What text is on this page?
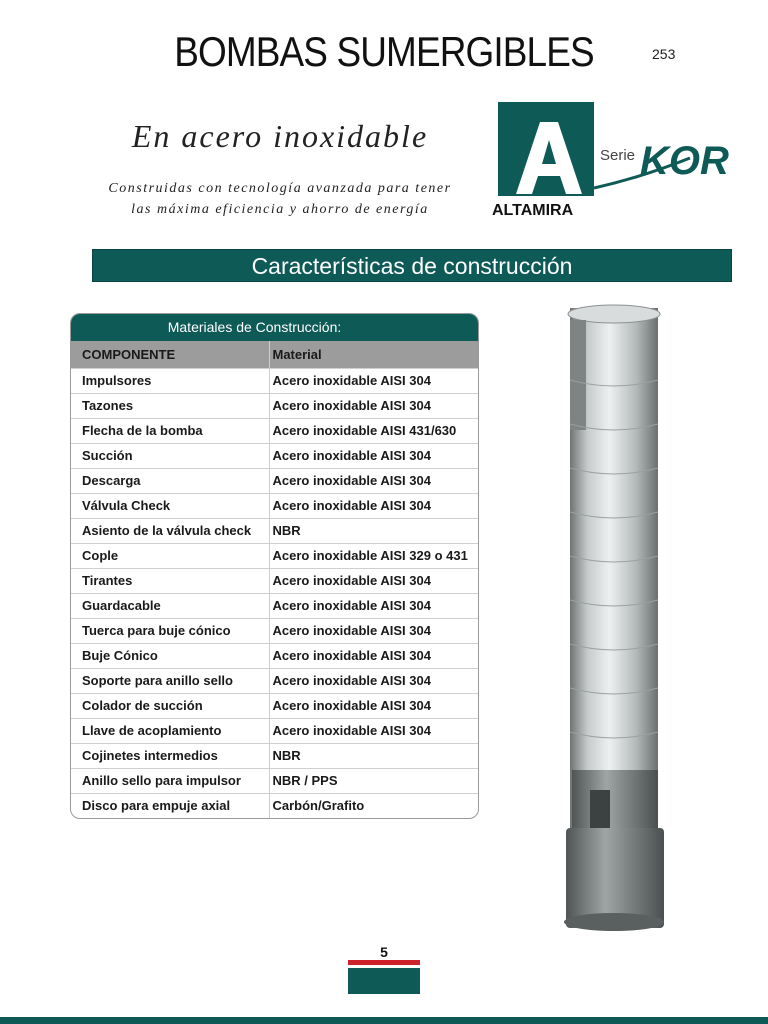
BOMBAS SUMERGIBLES	253
En acero inoxidable
Construidas con tecnología avanzada para tener
las máxima eficiencia y ahorro de energía
Serie KOR
ALTAMIRA
Características de construcción
Materiales de Construcción:
COMPONENTE	Material
Impulsores	Acero inoxidable AISI 304
Tazones	Acero inoxidable AISI 304
Flecha de la bomba	Acero inoxidable AISI 431/630
Succión	Acero inoxidable AISI 304
Descarga	Acero inoxidable AISI 304
Válvula Check	Acero inoxidable AISI 304
Asiento de la válvula check	NBR
Cople	Acero inoxidable AISI 329 o 431
Tirantes	Acero inoxidable AISI 304
Guardacable	Acero inoxidable AISI 304
Tuerca para buje cónico	Acero inoxidable AISI 304
Buje Cónico	Acero inoxidable AISI 304
Soporte para anillo sello	Acero inoxidable AISI 304
Colador de succión	Acero inoxidable AISI 304
Llave de acoplamiento	Acero inoxidable AISI 304
Cojinetes intermedios	NBR
Anillo sello para impulsor	NBR / PPS
Disco para empuje axial	Carbón/Grafito
5
